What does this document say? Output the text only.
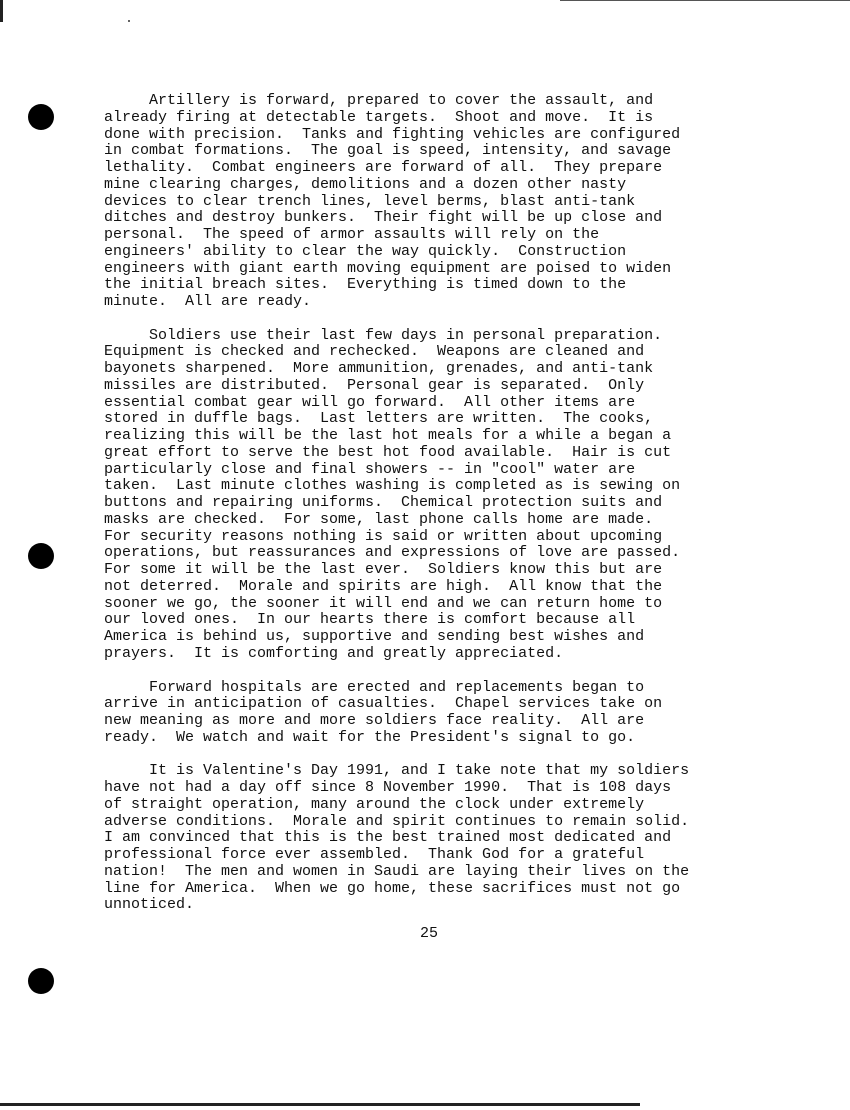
Artillery is forward, prepared to cover the assault, and
already firing at detectable targets.  Shoot and move.  It is
done with precision.  Tanks and fighting vehicles are configured
in combat formations.  The goal is speed, intensity, and savage
lethality.  Combat engineers are forward of all.  They prepare
mine clearing charges, demolitions and a dozen other nasty
devices to clear trench lines, level berms, blast anti-tank
ditches and destroy bunkers.  Their fight will be up close and
personal.  The speed of armor assaults will rely on the
engineers' ability to clear the way quickly.  Construction
engineers with giant earth moving equipment are poised to widen
the initial breach sites.  Everything is timed down to the
minute.  All are ready.

Soldiers use their last few days in personal preparation.
Equipment is checked and rechecked.  Weapons are cleaned and
bayonets sharpened.  More ammunition, grenades, and anti-tank
missiles are distributed.  Personal gear is separated.  Only
essential combat gear will go forward.  All other items are
stored in duffle bags.  Last letters are written.  The cooks,
realizing this will be the last hot meals for a while a began a
great effort to serve the best hot food available.  Hair is cut
particularly close and final showers -- in "cool" water are
taken.  Last minute clothes washing is completed as is sewing on
buttons and repairing uniforms.  Chemical protection suits and
masks are checked.  For some, last phone calls home are made.
For security reasons nothing is said or written about upcoming
operations, but reassurances and expressions of love are passed.
For some it will be the last ever.  Soldiers know this but are
not deterred.  Morale and spirits are high.  All know that the
sooner we go, the sooner it will end and we can return home to
our loved ones.  In our hearts there is comfort because all
America is behind us, supportive and sending best wishes and
prayers.  It is comforting and greatly appreciated.

Forward hospitals are erected and replacements began to
arrive in anticipation of casualties.  Chapel services take on
new meaning as more and more soldiers face reality.  All are
ready.  We watch and wait for the President's signal to go.

It is Valentine's Day 1991, and I take note that my soldiers
have not had a day off since 8 November 1990.  That is 108 days
of straight operation, many around the clock under extremely
adverse conditions.  Morale and spirit continues to remain solid.
I am convinced that this is the best trained most dedicated and
professional force ever assembled.  Thank God for a grateful
nation!  The men and women in Saudi are laying their lives on the
line for America.  When we go home, these sacrifices must not go
unnoticed.

25
